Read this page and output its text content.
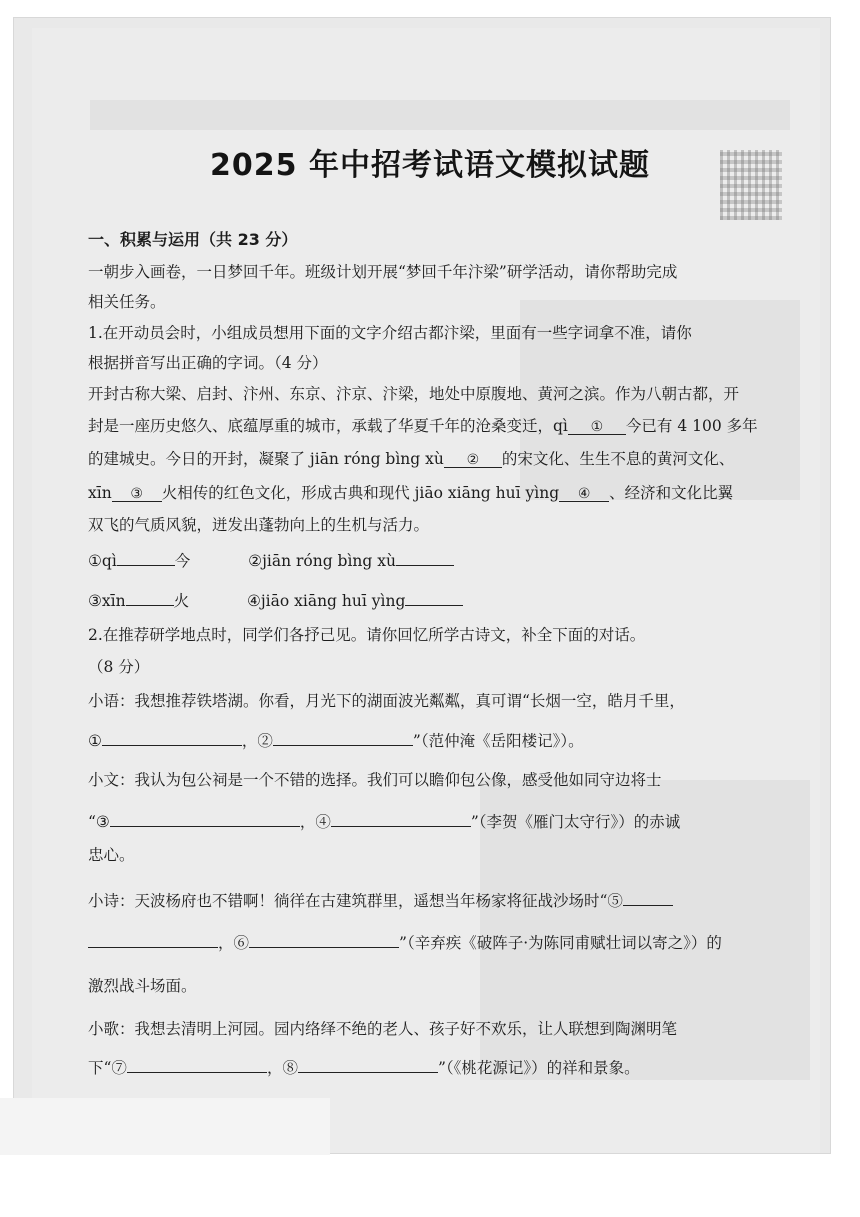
2025 年中招考试语文模拟试题
一、积累与运用（共 23 分）
一朝步入画卷，一日梦回千年。班级计划开展“梦回千年汴梁”研学活动，请你帮助完成
相关任务。
1.在开动员会时，小组成员想用下面的文字介绍古都汴梁，里面有一些字词拿不准，请你
根据拼音写出正确的字词。（4 分）
开封古称大梁、启封、汴州、东京、汴京、汴梁，地处中原腹地、黄河之滨。作为八朝古都，开
封是一座历史悠久、底蕴厚重的城市，承载了华夏千年的沧桑变迁，qì ① 今已有 4 100 多年
的建城史。今日的开封，凝聚了 jiān róng bìng xù ② 的宋文化、生生不息的黄河文化、
xīn ③ 火相传的红色文化，形成古典和现代 jiāo xiāng huī yìng ④ 、经济和文化比翼
双飞的气质风貌，迸发出蓬勃向上的生机与活力。
①qì	今	②jiān róng bìng xù
③xīn	火	④jiāo xiāng huī yìng
2.在推荐研学地点时，同学们各抒己见。请你回忆所学古诗文，补全下面的对话。
（8 分）
小语：我想推荐铁塔湖。你看，月光下的湖面波光粼粼，真可谓“长烟一空，皓月千里，
①	，②	”（范仲淹《岳阳楼记》）。
小文：我认为包公祠是一个不错的选择。我们可以瞻仰包公像，感受他如同守边将士
“③	，④	”（李贺《雁门太守行》）的赤诚
忠心。
小诗：天波杨府也不错啊！徜徉在古建筑群里，遥想当年杨家将征战沙场时“⑤
，⑥	”（辛弃疾《破阵子·为陈同甫赋壮词以寄之》）的
激烈战斗场面。
小歌：我想去清明上河园。园内络绎不绝的老人、孩子好不欢乐，让人联想到陶渊明笔
下“⑦	，⑧	”（《桃花源记》）的祥和景象。
